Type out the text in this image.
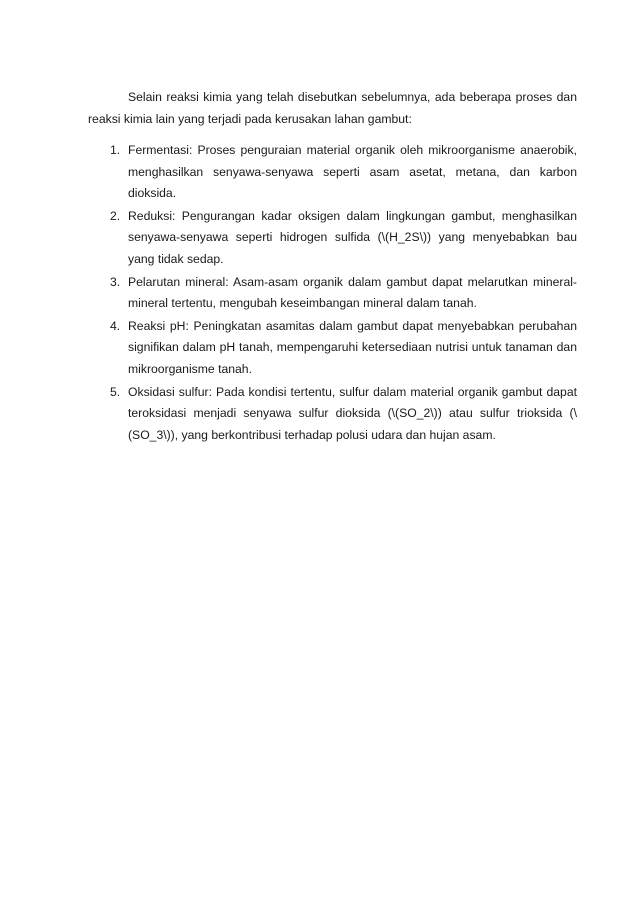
Selain reaksi kimia yang telah disebutkan sebelumnya, ada beberapa proses dan reaksi kimia lain yang terjadi pada kerusakan lahan gambut:

1. Fermentasi: Proses penguraian material organik oleh mikroorganisme anaerobik, menghasilkan senyawa-senyawa seperti asam asetat, metana, dan karbon dioksida.
2. Reduksi: Pengurangan kadar oksigen dalam lingkungan gambut, menghasilkan senyawa-senyawa seperti hidrogen sulfida (\(H_2S\)) yang menyebabkan bau yang tidak sedap.
3. Pelarutan mineral: Asam-asam organik dalam gambut dapat melarutkan mineral-mineral tertentu, mengubah keseimbangan mineral dalam tanah.
4. Reaksi pH: Peningkatan asamitas dalam gambut dapat menyebabkan perubahan signifikan dalam pH tanah, mempengaruhi ketersediaan nutrisi untuk tanaman dan mikroorganisme tanah.
5. Oksidasi sulfur: Pada kondisi tertentu, sulfur dalam material organik gambut dapat teroksidasi menjadi senyawa sulfur dioksida (\(SO_2\)) atau sulfur trioksida (\(SO_3\)), yang berkontribusi terhadap polusi udara dan hujan asam.
